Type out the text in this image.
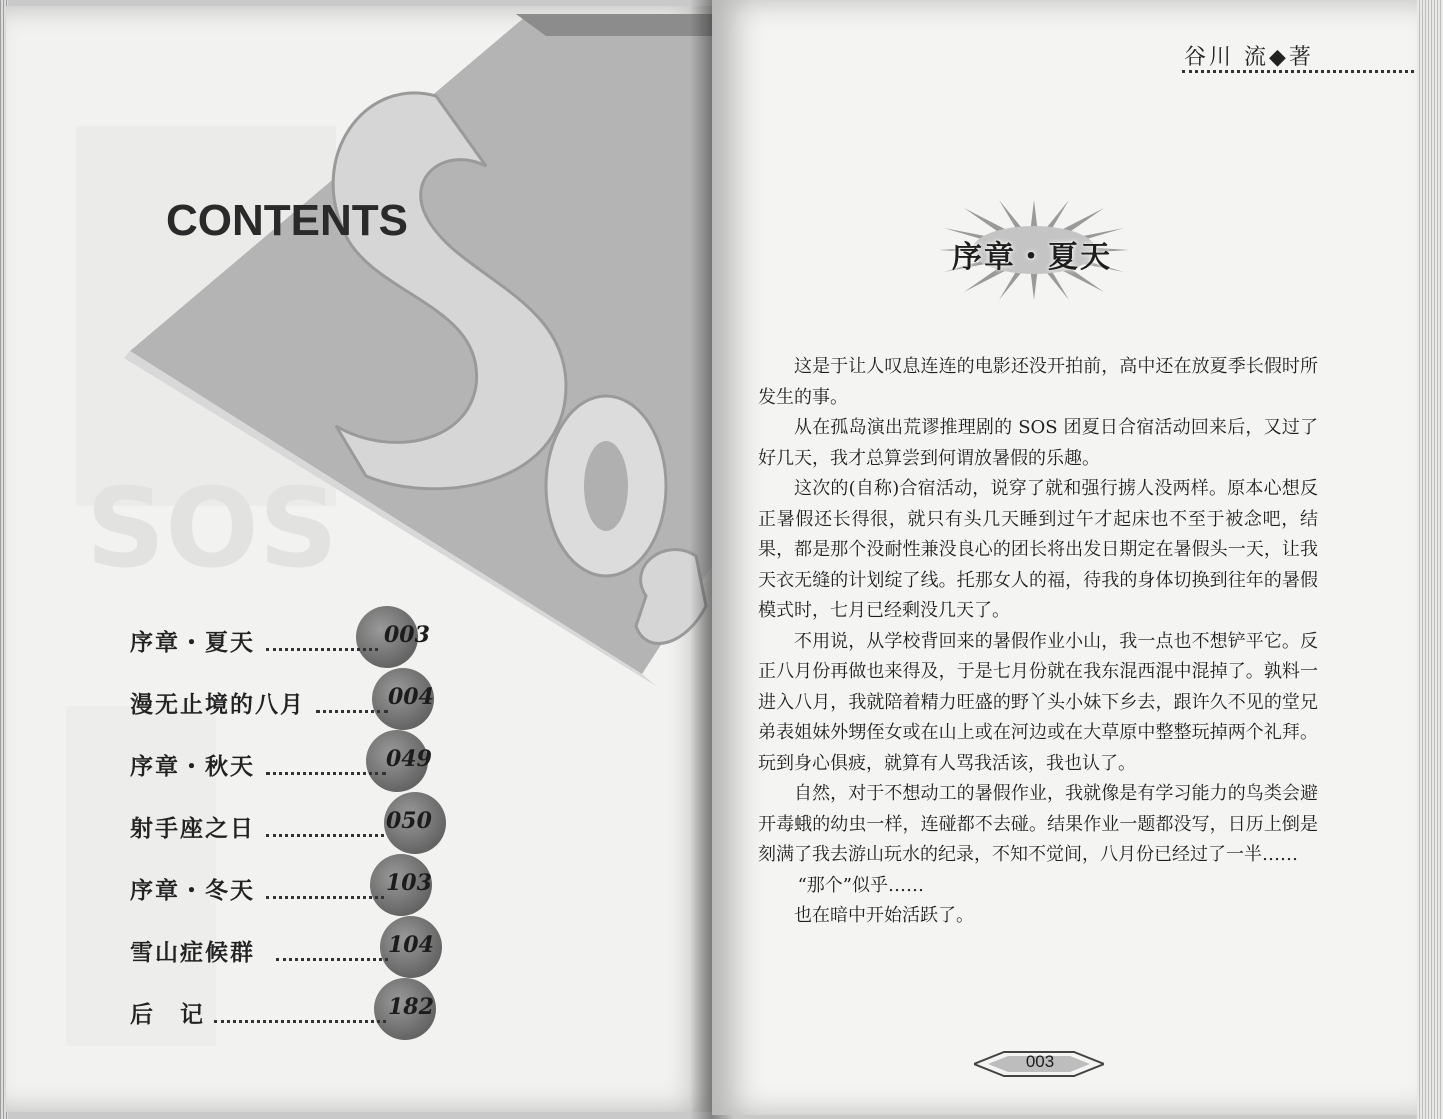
SOS
CONTENTS
序章・夏天	003
漫无止境的八月	004
序章・秋天	049
射手座之日	050
序章・冬天	103
雪山症候群	104
后　记	182
谷川 流◆著
序章・夏天

这是于让人叹息连连的电影还没开拍前，高中还在放夏季长假时所发生的事。

从在孤岛演出荒谬推理剧的 SOS 团夏日合宿活动回来后，又过了好几天，我才总算尝到何谓放暑假的乐趣。

这次的(自称)合宿活动，说穿了就和强行掳人没两样。原本心想反正暑假还长得很，就只有头几天睡到过午才起床也不至于被念吧，结果，都是那个没耐性兼没良心的团长将出发日期定在暑假头一天，让我天衣无缝的计划绽了线。托那女人的福，待我的身体切换到往年的暑假模式时，七月已经剩没几天了。

不用说，从学校背回来的暑假作业小山，我一点也不想铲平它。反正八月份再做也来得及，于是七月份就在我东混西混中混掉了。孰料一进入八月，我就陪着精力旺盛的野丫头小妹下乡去，跟许久不见的堂兄弟表姐妹外甥侄女或在山上或在河边或在大草原中整整玩掉两个礼拜。玩到身心俱疲，就算有人骂我活该，我也认了。

自然，对于不想动工的暑假作业，我就像是有学习能力的鸟类会避开毒蛾的幼虫一样，连碰都不去碰。结果作业一题都没写，日历上倒是刻满了我去游山玩水的纪录，不知不觉间，八月份已经过了一半……

“那个”似乎……

也在暗中开始活跃了。

003
